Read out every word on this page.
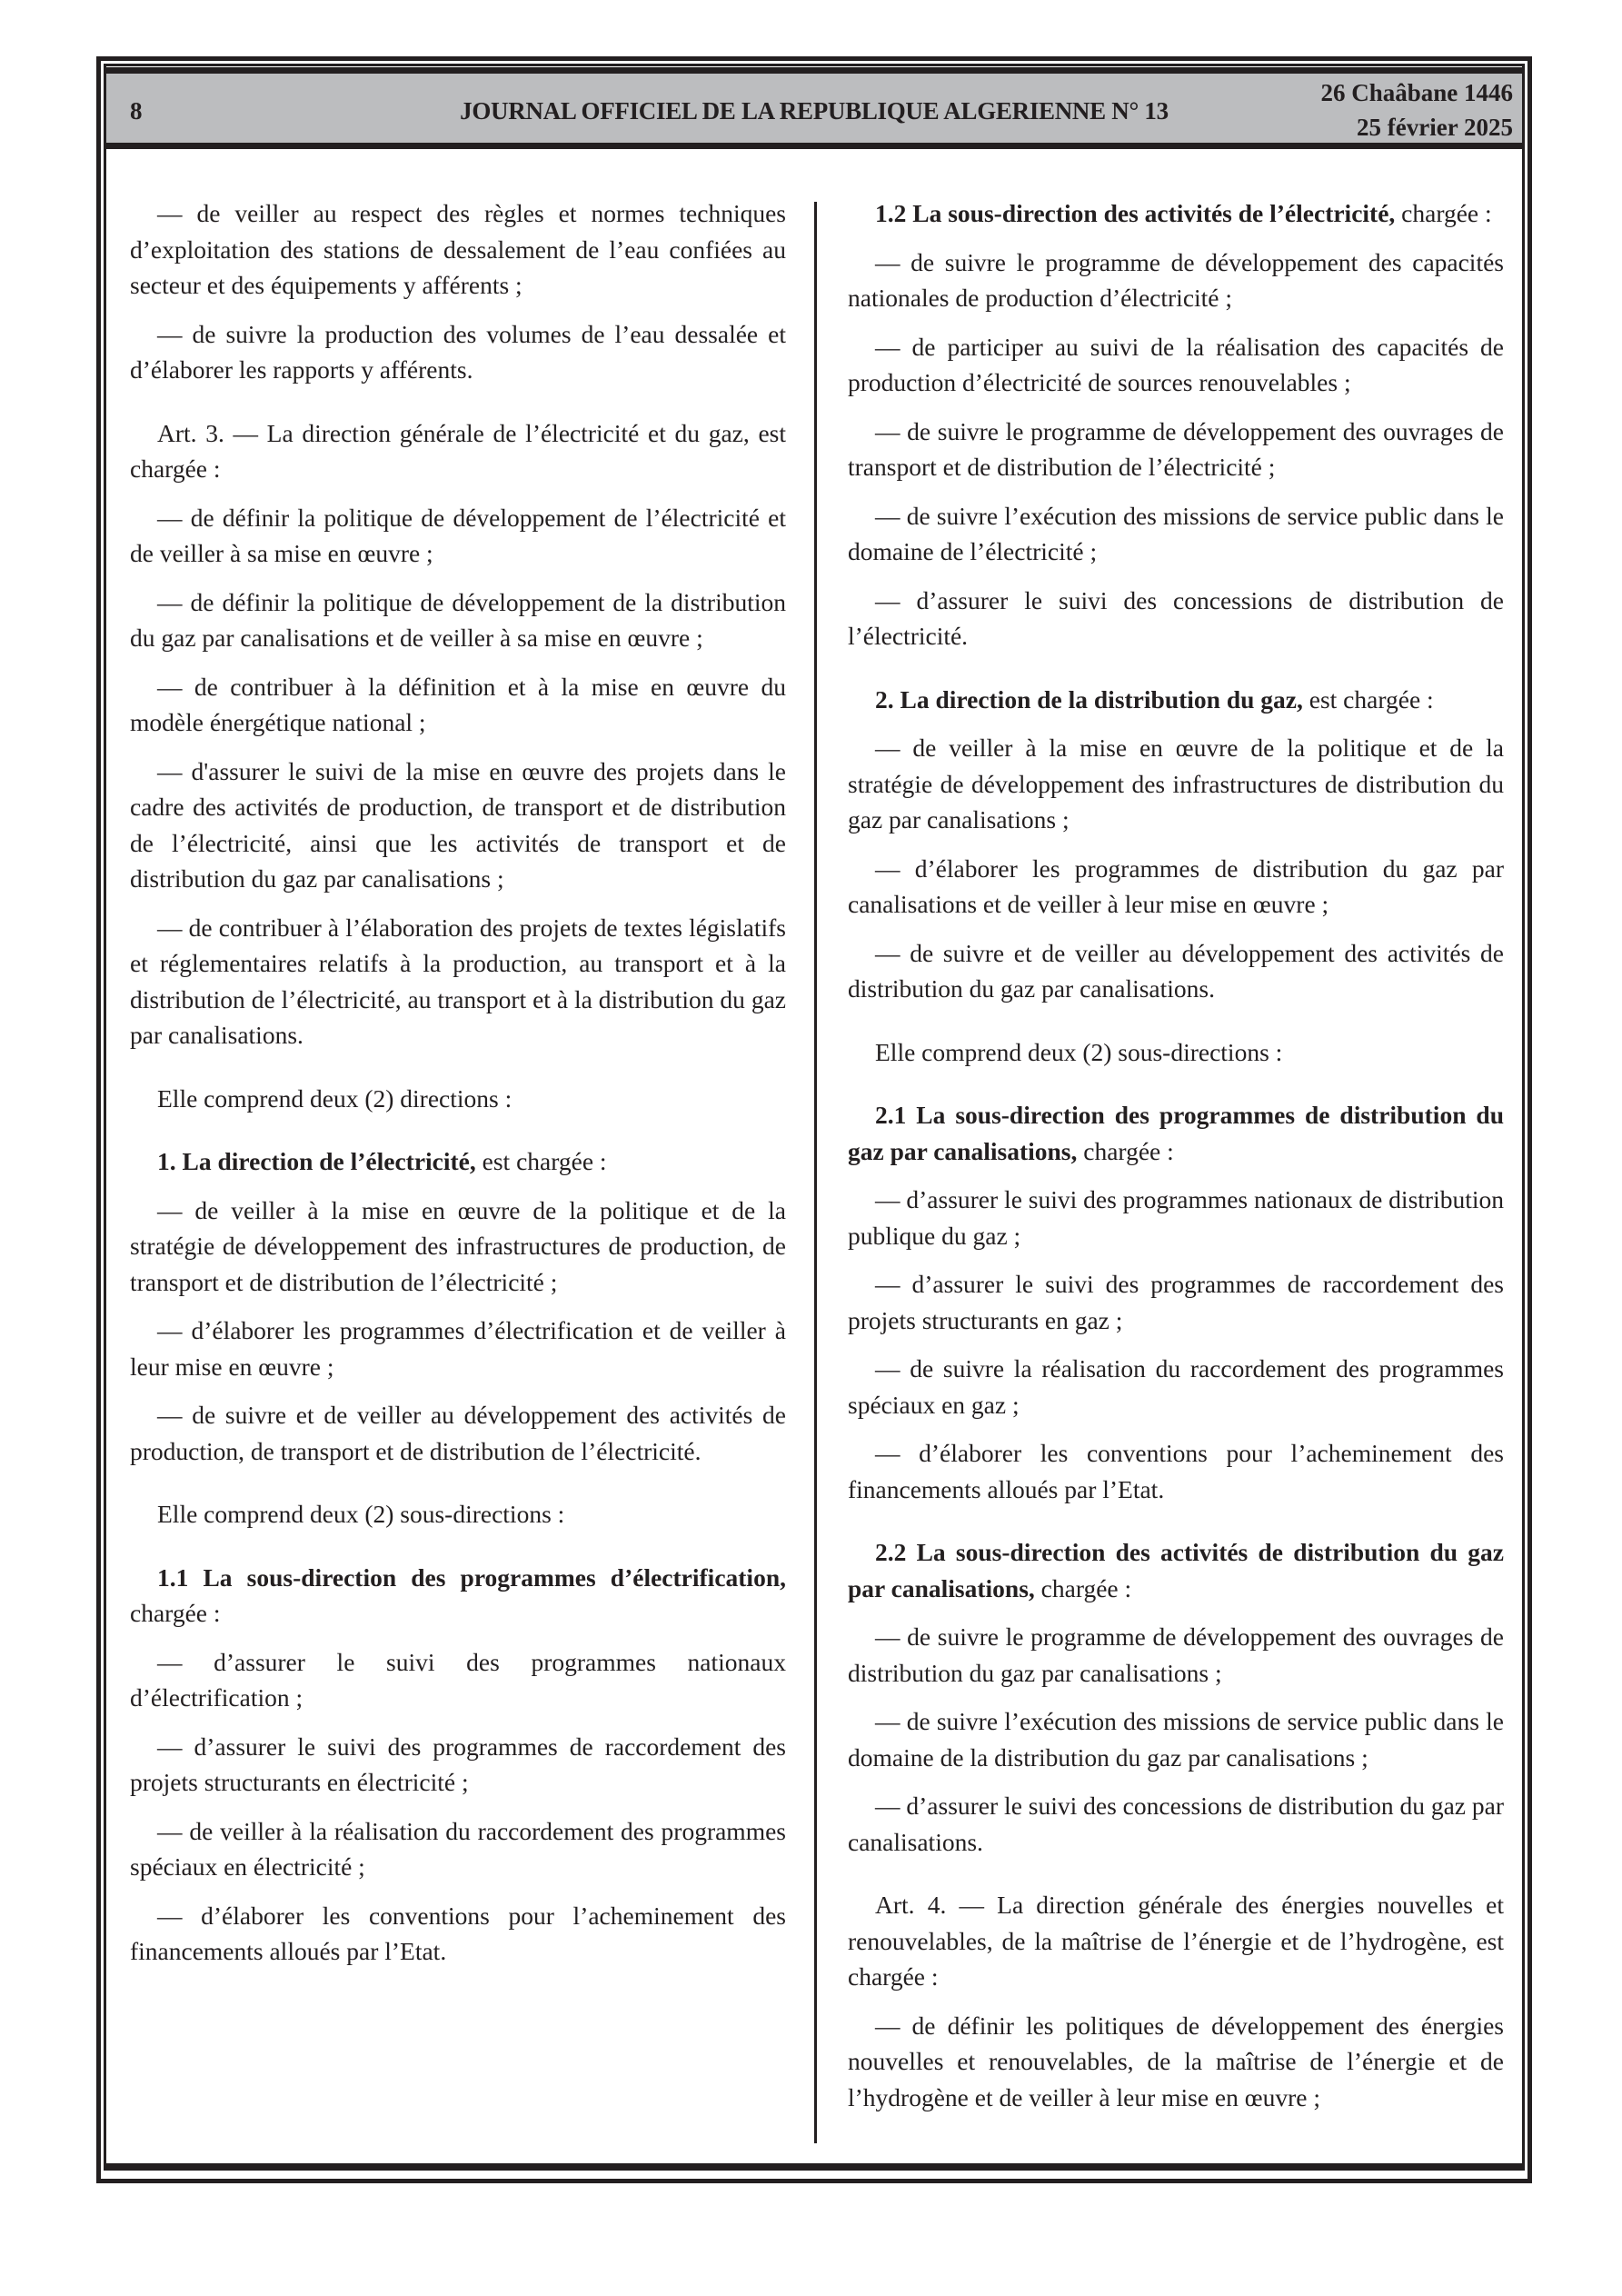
8	JOURNAL OFFICIEL DE LA REPUBLIQUE ALGERIENNE N° 13
26 Chaâbane 1446
25 février 2025

— de veiller au respect des règles et normes techniques d’exploitation des stations de dessalement de l’eau confiées au secteur et des équipements y afférents ;

— de suivre la production des volumes de l’eau dessalée et d’élaborer les rapports y afférents.

Art. 3. — La direction générale de l’électricité et du gaz, est chargée :

— de définir la politique de développement de l’électricité et de veiller à sa mise en œuvre ;

— de définir la politique de développement de la distribution du gaz par canalisations et de veiller à sa mise en œuvre ;

— de contribuer à la définition et à la mise en œuvre du modèle énergétique national ;

— d'assurer le suivi de la mise en œuvre des projets dans le cadre des activités de production, de transport et de distribution de l’électricité, ainsi que les activités de transport et de distribution du gaz par canalisations ;

— de contribuer à l’élaboration des projets de textes législatifs et réglementaires relatifs à la production, au transport et à la distribution de l’électricité, au transport et à la distribution du gaz par canalisations.

Elle comprend deux (2) directions :

1. La direction de l’électricité, est chargée :

— de veiller à la mise en œuvre de la politique et de la stratégie de développement des infrastructures de production, de transport et de distribution de l’électricité ;

— d’élaborer les programmes d’électrification et de veiller à leur mise en œuvre ;

— de suivre et de veiller au développement des activités de production, de transport et de distribution de l’électricité.

Elle comprend deux (2) sous-directions :

1.1 La sous-direction des programmes d’électrification, chargée :

— d’assurer le suivi des programmes nationaux d’électrification ;

— d’assurer le suivi des programmes de raccordement des projets structurants en électricité ;

— de veiller à la réalisation du raccordement des programmes spéciaux en électricité ;

— d’élaborer les conventions pour l’acheminement des financements alloués par l’Etat.

1.2 La sous-direction des activités de l’électricité, chargée :

— de suivre le programme de développement des capacités nationales de production d’électricité ;

— de participer au suivi de la réalisation des capacités de production d’électricité de sources renouvelables ;

— de suivre le programme de développement des ouvrages de transport et de distribution de l’électricité ;

— de suivre l’exécution des missions de service public dans le domaine de l’électricité ;

— d’assurer le suivi des concessions de distribution de l’électricité.

2. La direction de la distribution du gaz, est chargée :

— de veiller à la mise en œuvre de la politique et de la stratégie de développement des infrastructures de distribution du gaz par canalisations ;

— d’élaborer les programmes de distribution du gaz par canalisations et de veiller à leur mise en œuvre ;

— de suivre et de veiller au développement des activités de distribution du gaz par canalisations.

Elle comprend deux (2) sous-directions :

2.1 La sous-direction des programmes de distribution du gaz par canalisations, chargée :

— d’assurer le suivi des programmes nationaux de distribution publique du gaz ;

— d’assurer le suivi des programmes de raccordement des projets structurants en gaz ;

— de suivre la réalisation du raccordement des programmes spéciaux en gaz ;

— d’élaborer les conventions pour l’acheminement des financements alloués par l’Etat.

2.2 La sous-direction des activités de distribution du gaz par canalisations, chargée :

— de suivre le programme de développement des ouvrages de distribution du gaz par canalisations ;

— de suivre l’exécution des missions de service public dans le domaine de la distribution du gaz par canalisations ;

— d’assurer le suivi des concessions de distribution du gaz par canalisations.

Art. 4. — La direction générale des énergies nouvelles et renouvelables, de la maîtrise de l’énergie et de l’hydrogène, est chargée :

— de définir les politiques de développement des énergies nouvelles et renouvelables, de la maîtrise de l’énergie et de l’hydrogène et de veiller à leur mise en œuvre ;
